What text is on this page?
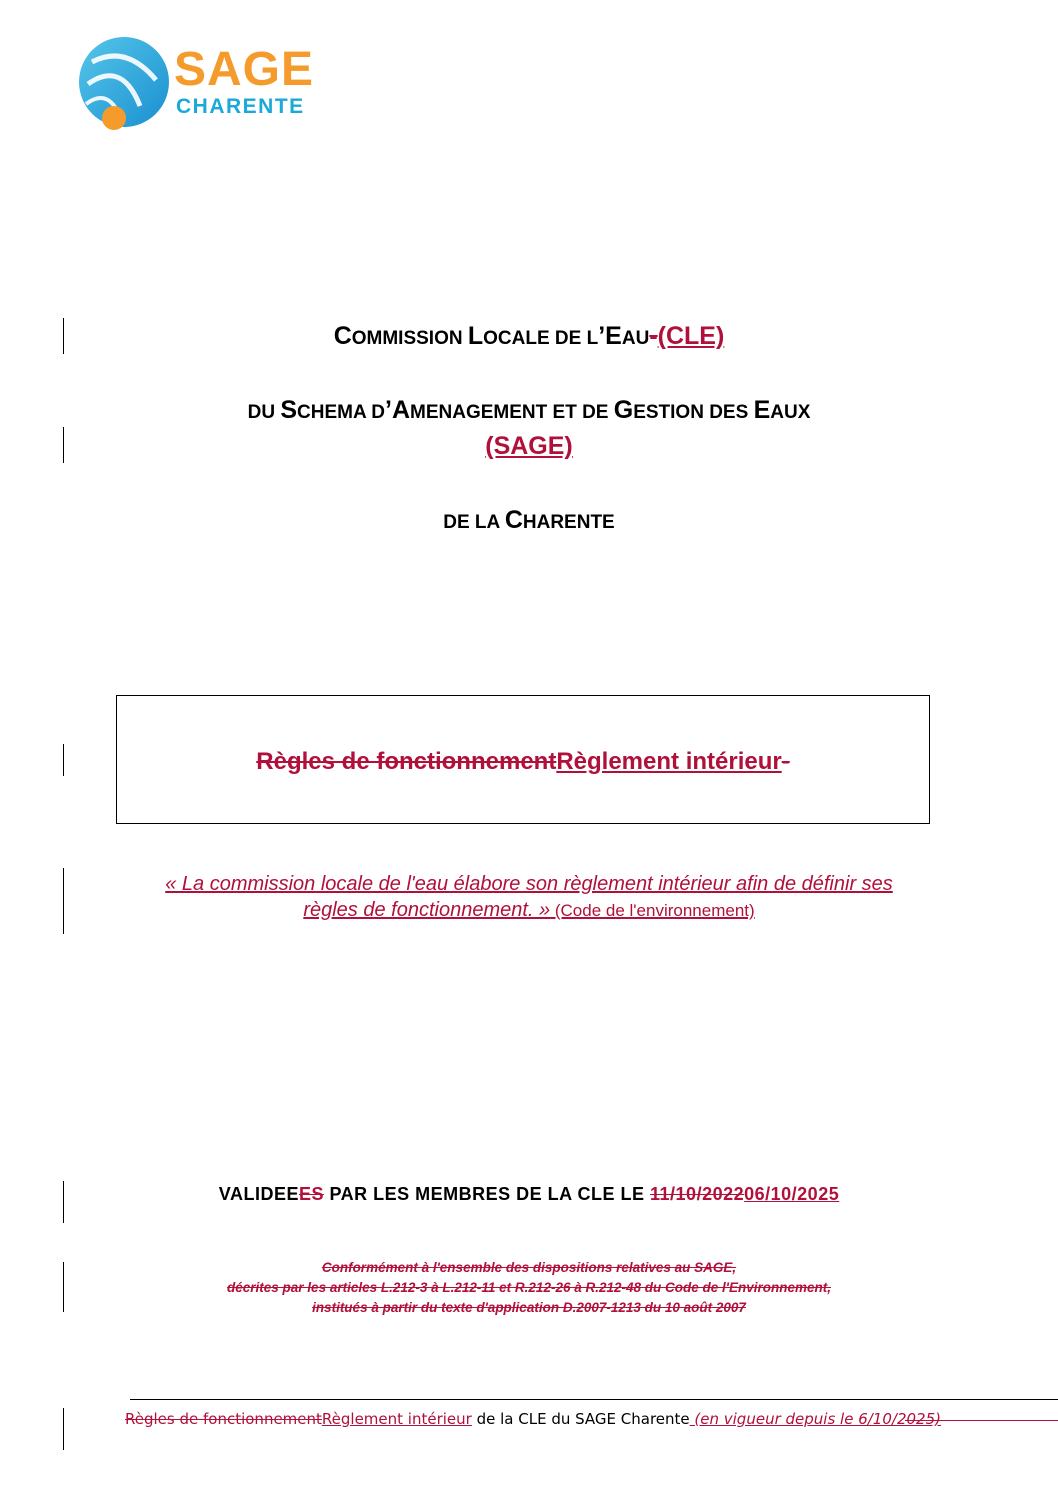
SAGE
CHARENTE
COMMISSION LOCALE DE L’EAU-(CLE)
DU SCHEMA D’AMENAGEMENT ET DE GESTION DES EAUX
(SAGE)
DE LA CHARENTE
Règles de fonctionnementRèglement intérieur-
« La commission locale de l'eau élabore son règlement intérieur afin de définir ses
règles de fonctionnement. » (Code de l'environnement)
VALIDEEES PAR LES MEMBRES DE LA CLE LE 11/10/202206/10/2025
Conformément à l'ensemble des dispositions relatives au SAGE,
décrites par les articles L.212-3 à L.212-11 et R.212-26 à R.212-48 du Code de l'Environnement,
institués à partir du texte d'application D.2007-1213 du 10 août 2007
Règles de fonctionnementRèglement intérieur de la CLE du SAGE Charente (en vigueur depuis le 6/10/2025)
